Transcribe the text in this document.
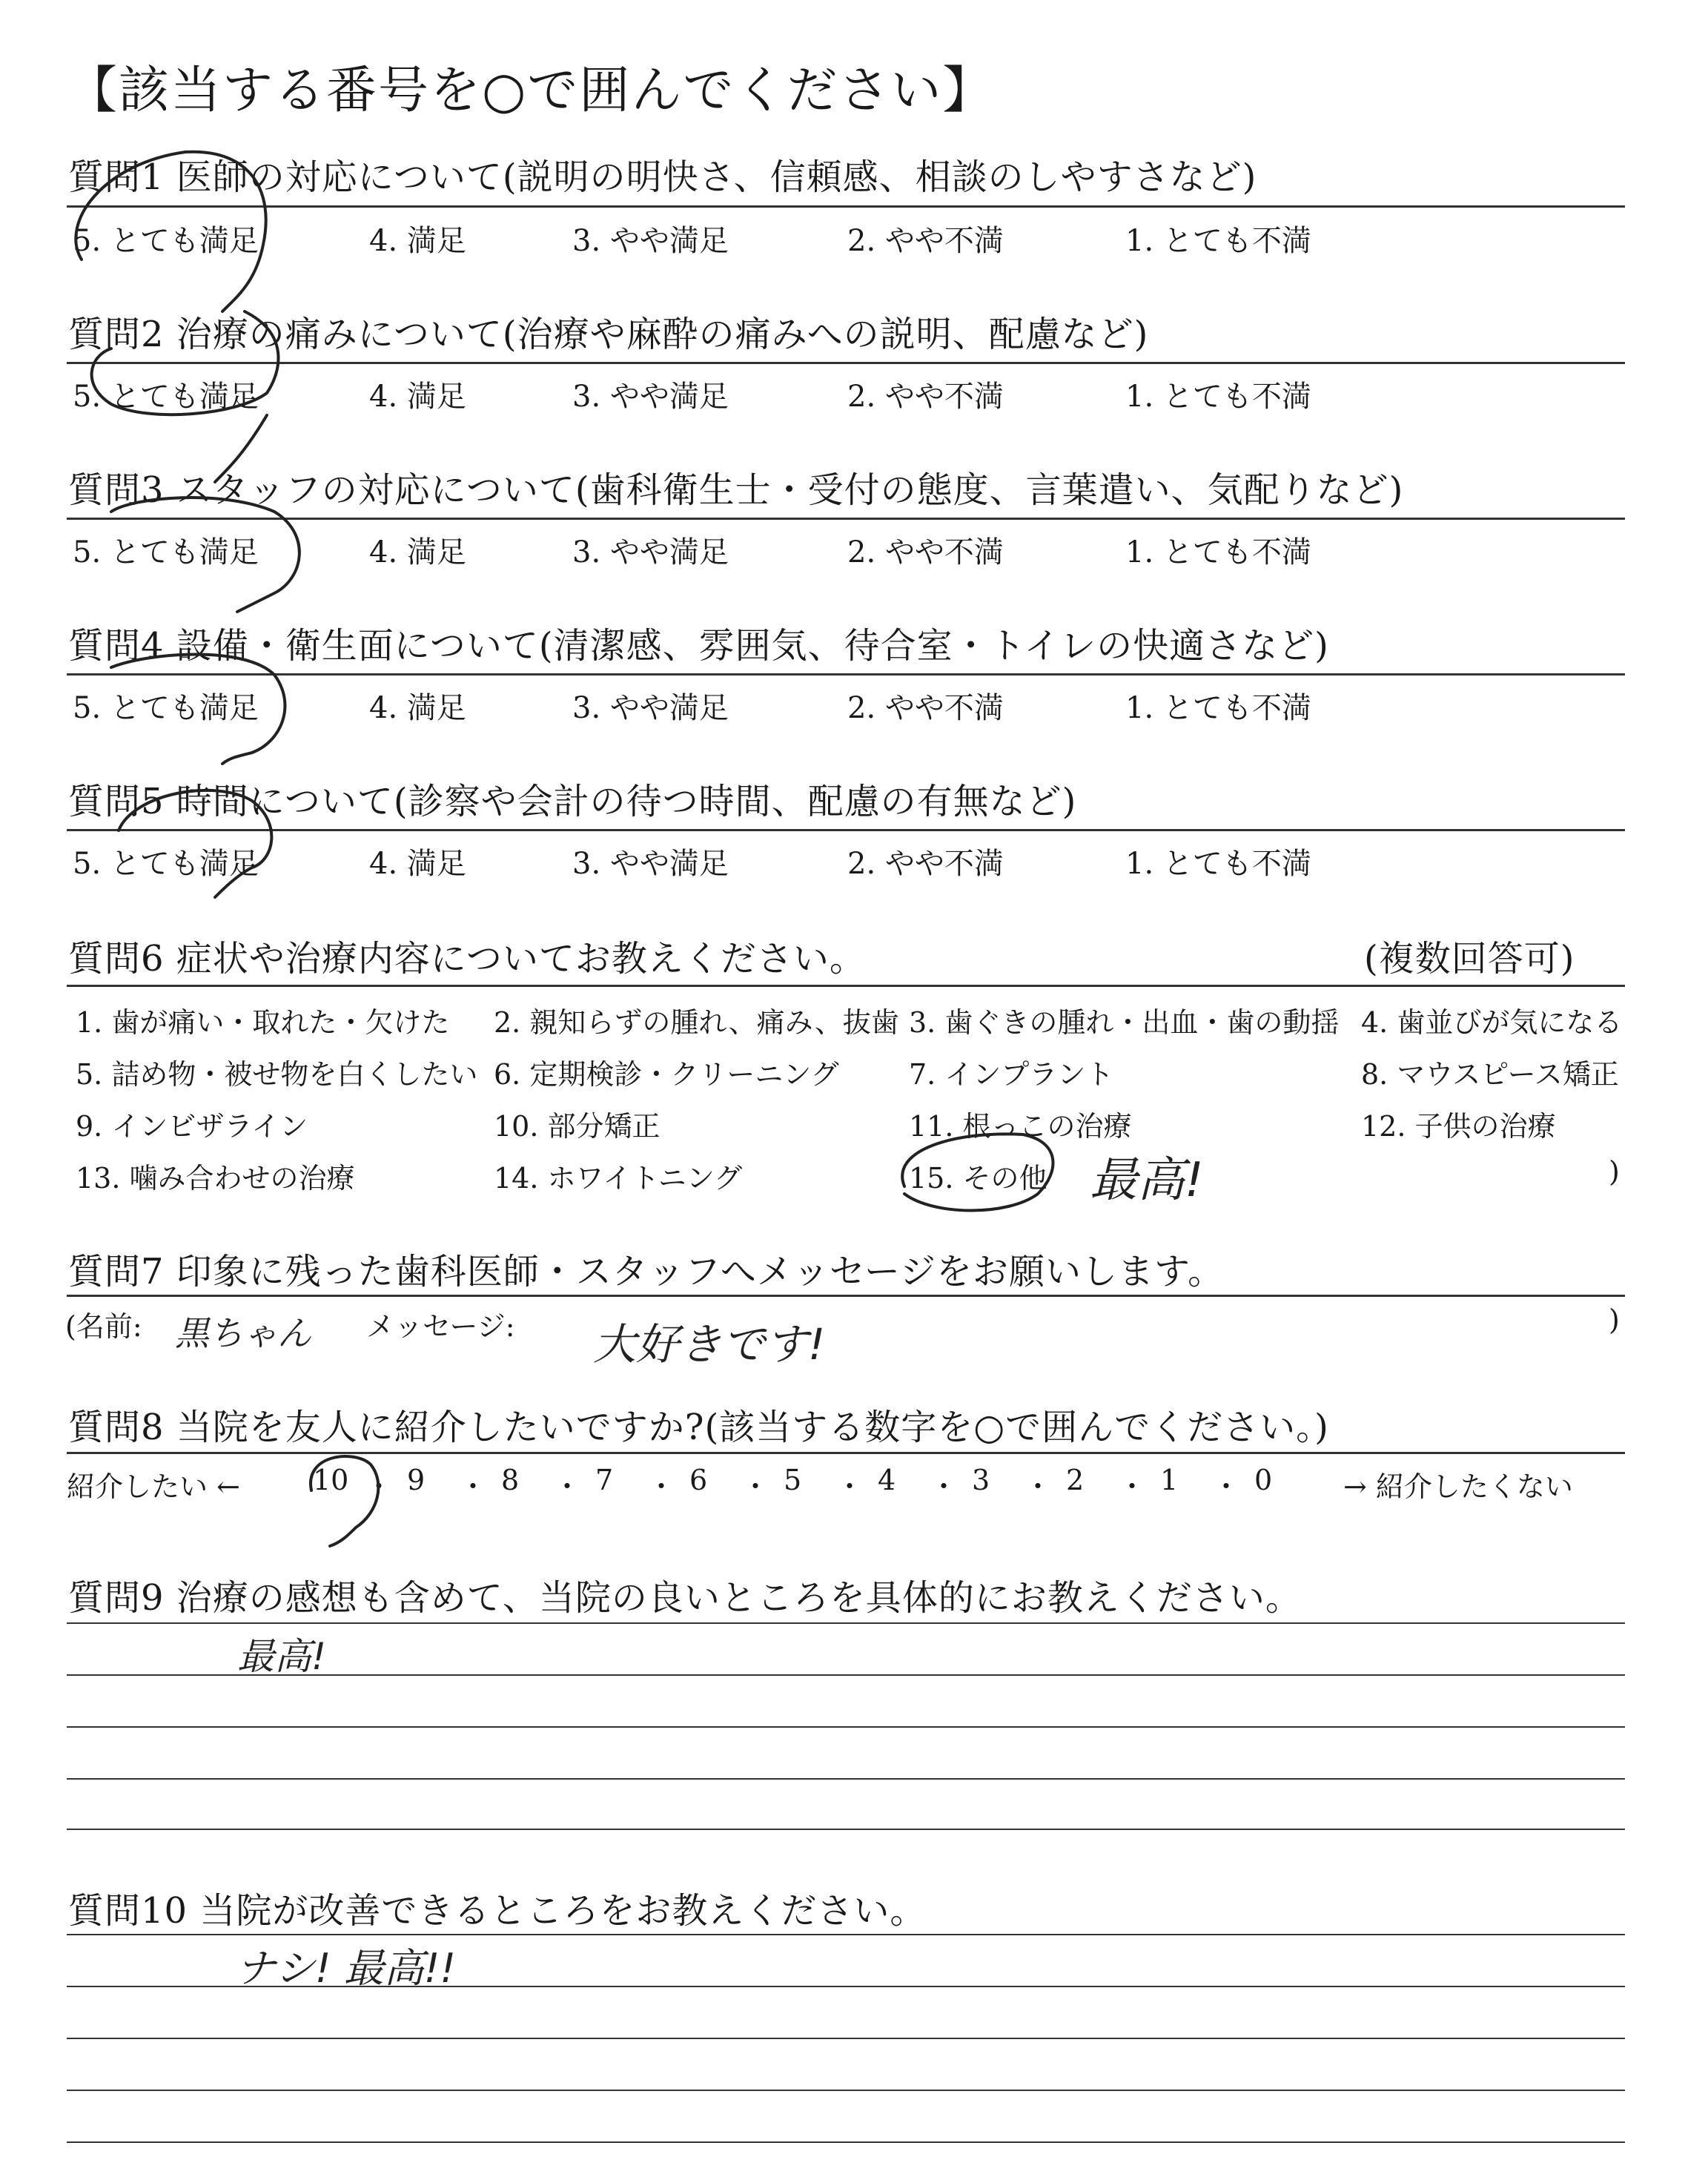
【該当する番号を○で囲んでください】
質問1 医師の対応について(説明の明快さ、信頼感、相談のしやすさなど)
5. とても満足	4. 満足	3. やや満足	2. やや不満	1. とても不満
質問2 治療の痛みについて(治療や麻酔の痛みへの説明、配慮など)
5. とても満足	4. 満足	3. やや満足	2. やや不満	1. とても不満
質問3 スタッフの対応について(歯科衛生士・受付の態度、言葉遣い、気配りなど)
5. とても満足	4. 満足	3. やや満足	2. やや不満	1. とても不満
質問4 設備・衛生面について(清潔感、雰囲気、待合室・トイレの快適さなど)
5. とても満足	4. 満足	3. やや満足	2. やや不満	1. とても不満
質問5 時間について(診察や会計の待つ時間、配慮の有無など)
5. とても満足	4. 満足	3. やや満足	2. やや不満	1. とても不満
質問6 症状や治療内容についてお教えください。	(複数回答可)
1. 歯が痛い・取れた・欠けた 2. 親知らずの腫れ、痛み、抜歯 3. 歯ぐきの腫れ・出血・歯の動揺 4. 歯並びが気になる
5. 詰め物・被せ物を白くしたい 6. 定期検診・クリーニング 7. インプラント	8. マウスピース矯正
9. インビザライン	10. 部分矯正	11. 根っこの治療	12. 子供の治療
13. 噛み合わせの治療	14. ホワイトニング	15. その他 最高!	)
質問7 印象に残った歯科医師・スタッフへメッセージをお願いします。
(名前: 黒ちゃん メッセージ: 大好きです!	)
質問8 当院を友人に紹介したいですか?(該当する数字を○で囲んでください。)
紹介したい ←	10 ・ 9 ・ 8 ・ 7 ・ 6 ・ 5 ・ 4 ・ 3 ・ 2 ・ 1 ・ 0	→ 紹介したくない
質問9 治療の感想も含めて、当院の良いところを具体的にお教えください。
最高!
質問10 当院が改善できるところをお教えください。
ナシ! 最高!!
